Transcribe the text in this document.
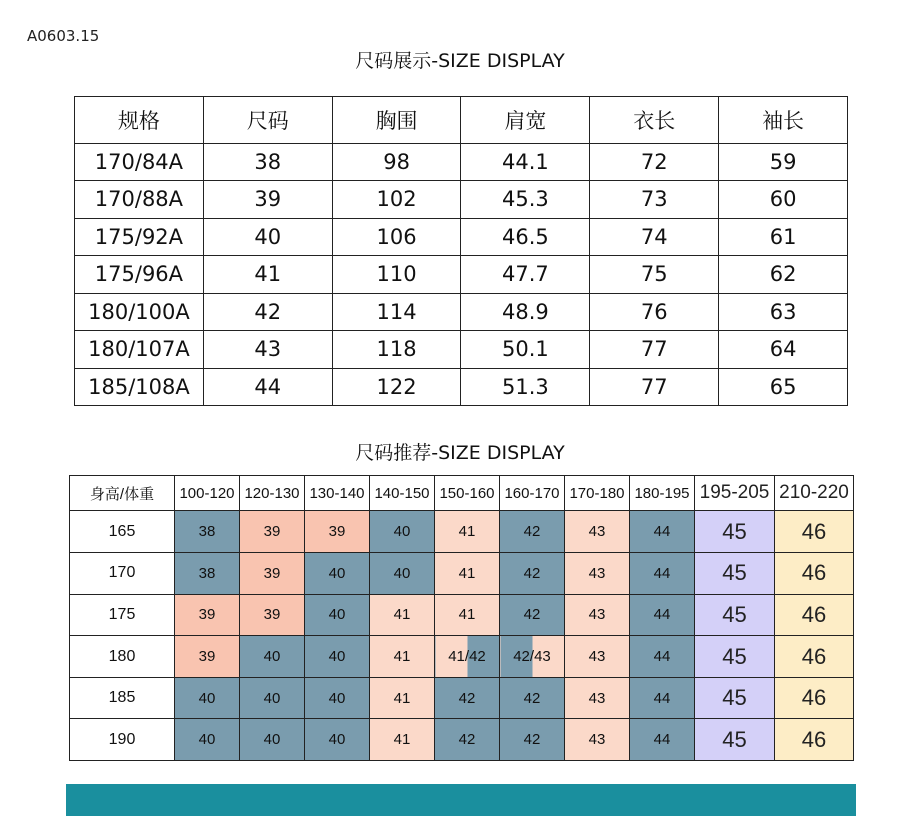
A0603.15
尺码展示-SIZE DISPLAY
规格	尺码	胸围	肩宽	衣长	袖长
170/84A	38	98	44.1	72	59
170/88A	39	102	45.3	73	60
175/92A	40	106	46.5	74	61
175/96A	41	110	47.7	75	62
180/100A	42	114	48.9	76	63
180/107A	43	118	50.1	77	64
185/108A	44	122	51.3	77	65
尺码推荐-SIZE DISPLAY
身高/体重	100-120	120-130	130-140	140-150	150-160	160-170	170-180	180-195	195-205	210-220
165	38	39	39	40	41	42	43	44	45	46
170	38	39	40	40	41	42	43	44	45	46
175	39	39	40	41	41	42	43	44	45	46
180	39	40	40	41	41/42	42/43	43	44	45	46
185	40	40	40	41	42	42	43	44	45	46
190	40	40	40	41	42	42	43	44	45	46
